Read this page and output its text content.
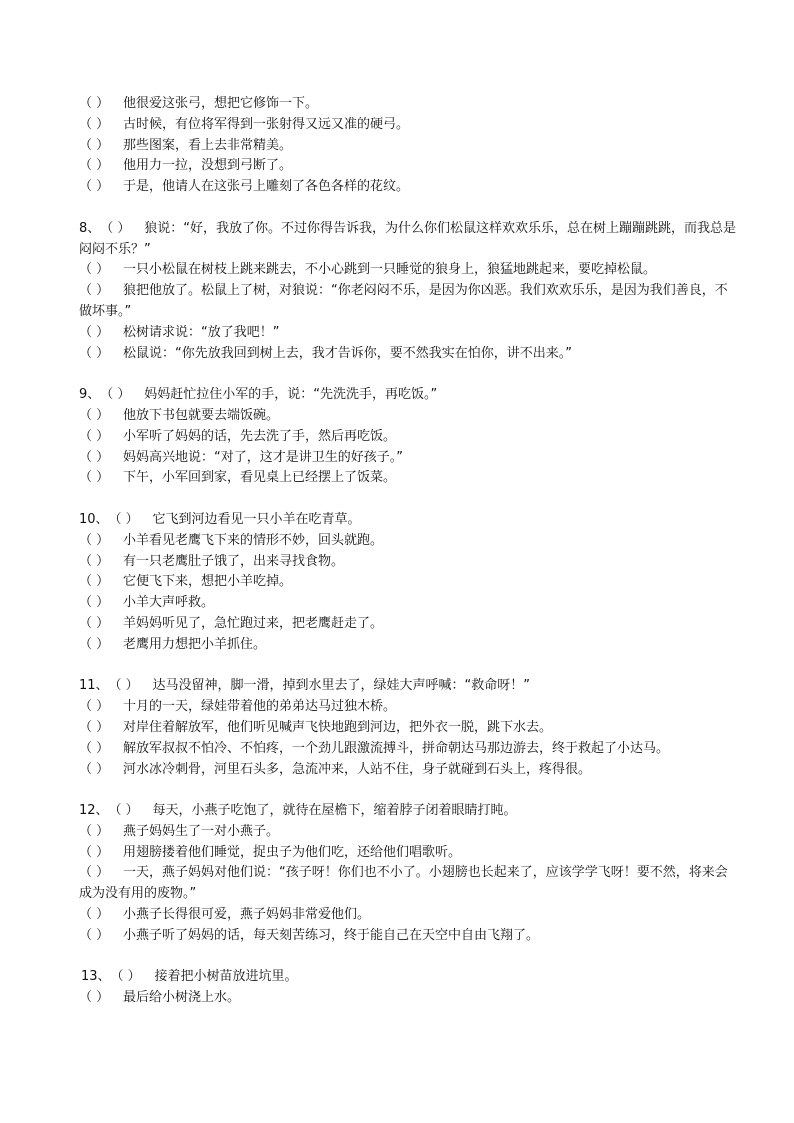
（ ） 他很爱这张弓，想把它修饰一下。
（ ） 古时候，有位将军得到一张射得又远又准的硬弓。
（ ） 那些图案，看上去非常精美。
（ ） 他用力一拉，没想到弓断了。
（ ） 于是，他请人在这张弓上雕刻了各色各样的花纹。
8、（ ） 狼说：“好，我放了你。不过你得告诉我，为什么你们松鼠这样欢欢乐乐，总在树上蹦蹦跳跳，而我总是闷闷不乐？”
（ ） 一只小松鼠在树枝上跳来跳去，不小心跳到一只睡觉的狼身上，狼猛地跳起来，要吃掉松鼠。
（ ） 狼把他放了。松鼠上了树，对狼说：“你老闷闷不乐，是因为你凶恶。我们欢欢乐乐，是因为我们善良，不做坏事。”
（ ） 松树请求说：“放了我吧！”
（ ） 松鼠说：“你先放我回到树上去，我才告诉你，要不然我实在怕你，讲不出来。”
9、（ ） 妈妈赶忙拉住小军的手，说：“先洗洗手，再吃饭。”
（ ） 他放下书包就要去端饭碗。
（ ） 小军听了妈妈的话，先去洗了手，然后再吃饭。
（ ） 妈妈高兴地说：“对了，这才是讲卫生的好孩子。”
（ ） 下午，小军回到家，看见桌上已经摆上了饭菜。
10、（ ） 它飞到河边看见一只小羊在吃青草。
（ ） 小羊看见老鹰飞下来的情形不妙，回头就跑。
（ ） 有一只老鹰肚子饿了，出来寻找食物。
（ ） 它便飞下来，想把小羊吃掉。
（ ） 小羊大声呼救。
（ ） 羊妈妈听见了，急忙跑过来，把老鹰赶走了。
（ ） 老鹰用力想把小羊抓住。
11、（ ） 达马没留神，脚一滑，掉到水里去了，绿娃大声呼喊：“救命呀！”
（ ） 十月的一天，绿娃带着他的弟弟达马过独木桥。
（ ） 对岸住着解放军，他们听见喊声飞快地跑到河边，把外衣一脱，跳下水去。
（ ） 解放军叔叔不怕冷、不怕疼，一个劲儿跟激流搏斗，拼命朝达马那边游去，终于救起了小达马。
（ ） 河水冰冷刺骨，河里石头多，急流冲来，人站不住，身子就碰到石头上，疼得很。
12、（ ） 每天，小燕子吃饱了，就待在屋檐下，缩着脖子闭着眼睛打盹。
（ ） 燕子妈妈生了一对小燕子。
（ ） 用翅膀搂着他们睡觉，捉虫子为他们吃，还给他们唱歌听。
（ ） 一天，燕子妈妈对他们说：“孩子呀！你们也不小了。小翅膀也长起来了，应该学学飞呀！要不然，将来会成为没有用的废物。”
（ ） 小燕子长得很可爱，燕子妈妈非常爱他们。
（ ） 小燕子听了妈妈的话，每天刻苦练习，终于能自己在天空中自由飞翔了。
13、（ ） 接着把小树苗放进坑里。
（ ） 最后给小树浇上水。
